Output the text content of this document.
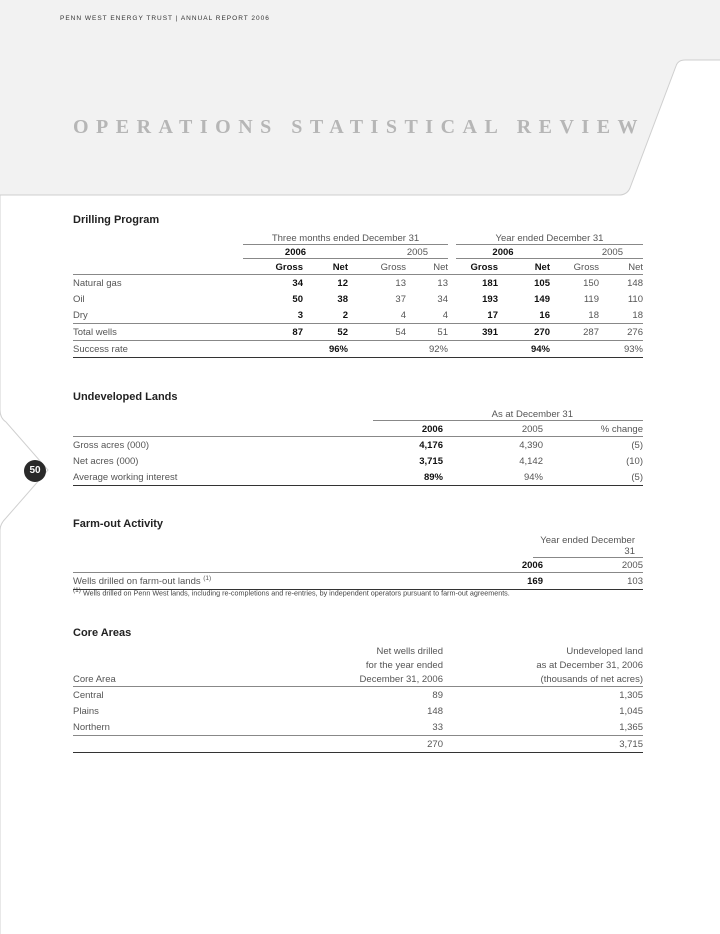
PENN WEST ENERGY TRUST | ANNUAL REPORT 2006
OPERATIONS STATISTICAL REVIEW
50
Drilling Program

	Three months ended December 31				Year ended December 31			

	2006		2005		2006		2005	

	Gross	Net	Gross	Net	Gross	Net	Gross	Net
Natural gas	34	12	13	13	181	105	150	148
Oil	50	38	37	34	193	149	119	110
Dry	3	2	4	4	17	16	18	18
Total wells	87	52	54	51	391	270	287	276
Success rate	96%		92%		94%		93%	
Undeveloped Lands

	As at December 31		

	2006	2005	% change
Gross acres (000)	4,176	4,390	(5)
Net acres (000)	3,715	4,142	(10)
Average working interest	89%	94%	(5)
Farm-out Activity

	Year ended December 31	

	2006	2005
Wells drilled on farm-out lands $^{(1)}$	169	103
$^{(1)}$ Wells drilled on Penn West lands, including re-completions and re-entries, by independent operators pursuant to farm-out agreements.
Core Areas
	Net wells drilled	Undeveloped land
	for the year ended	as at December 31, 2006
Core Area	December 31, 2006	(thousands of net acres)
Central	89	1,305
Plains	148	1,045
Northern	33	1,365
	270	3,715
